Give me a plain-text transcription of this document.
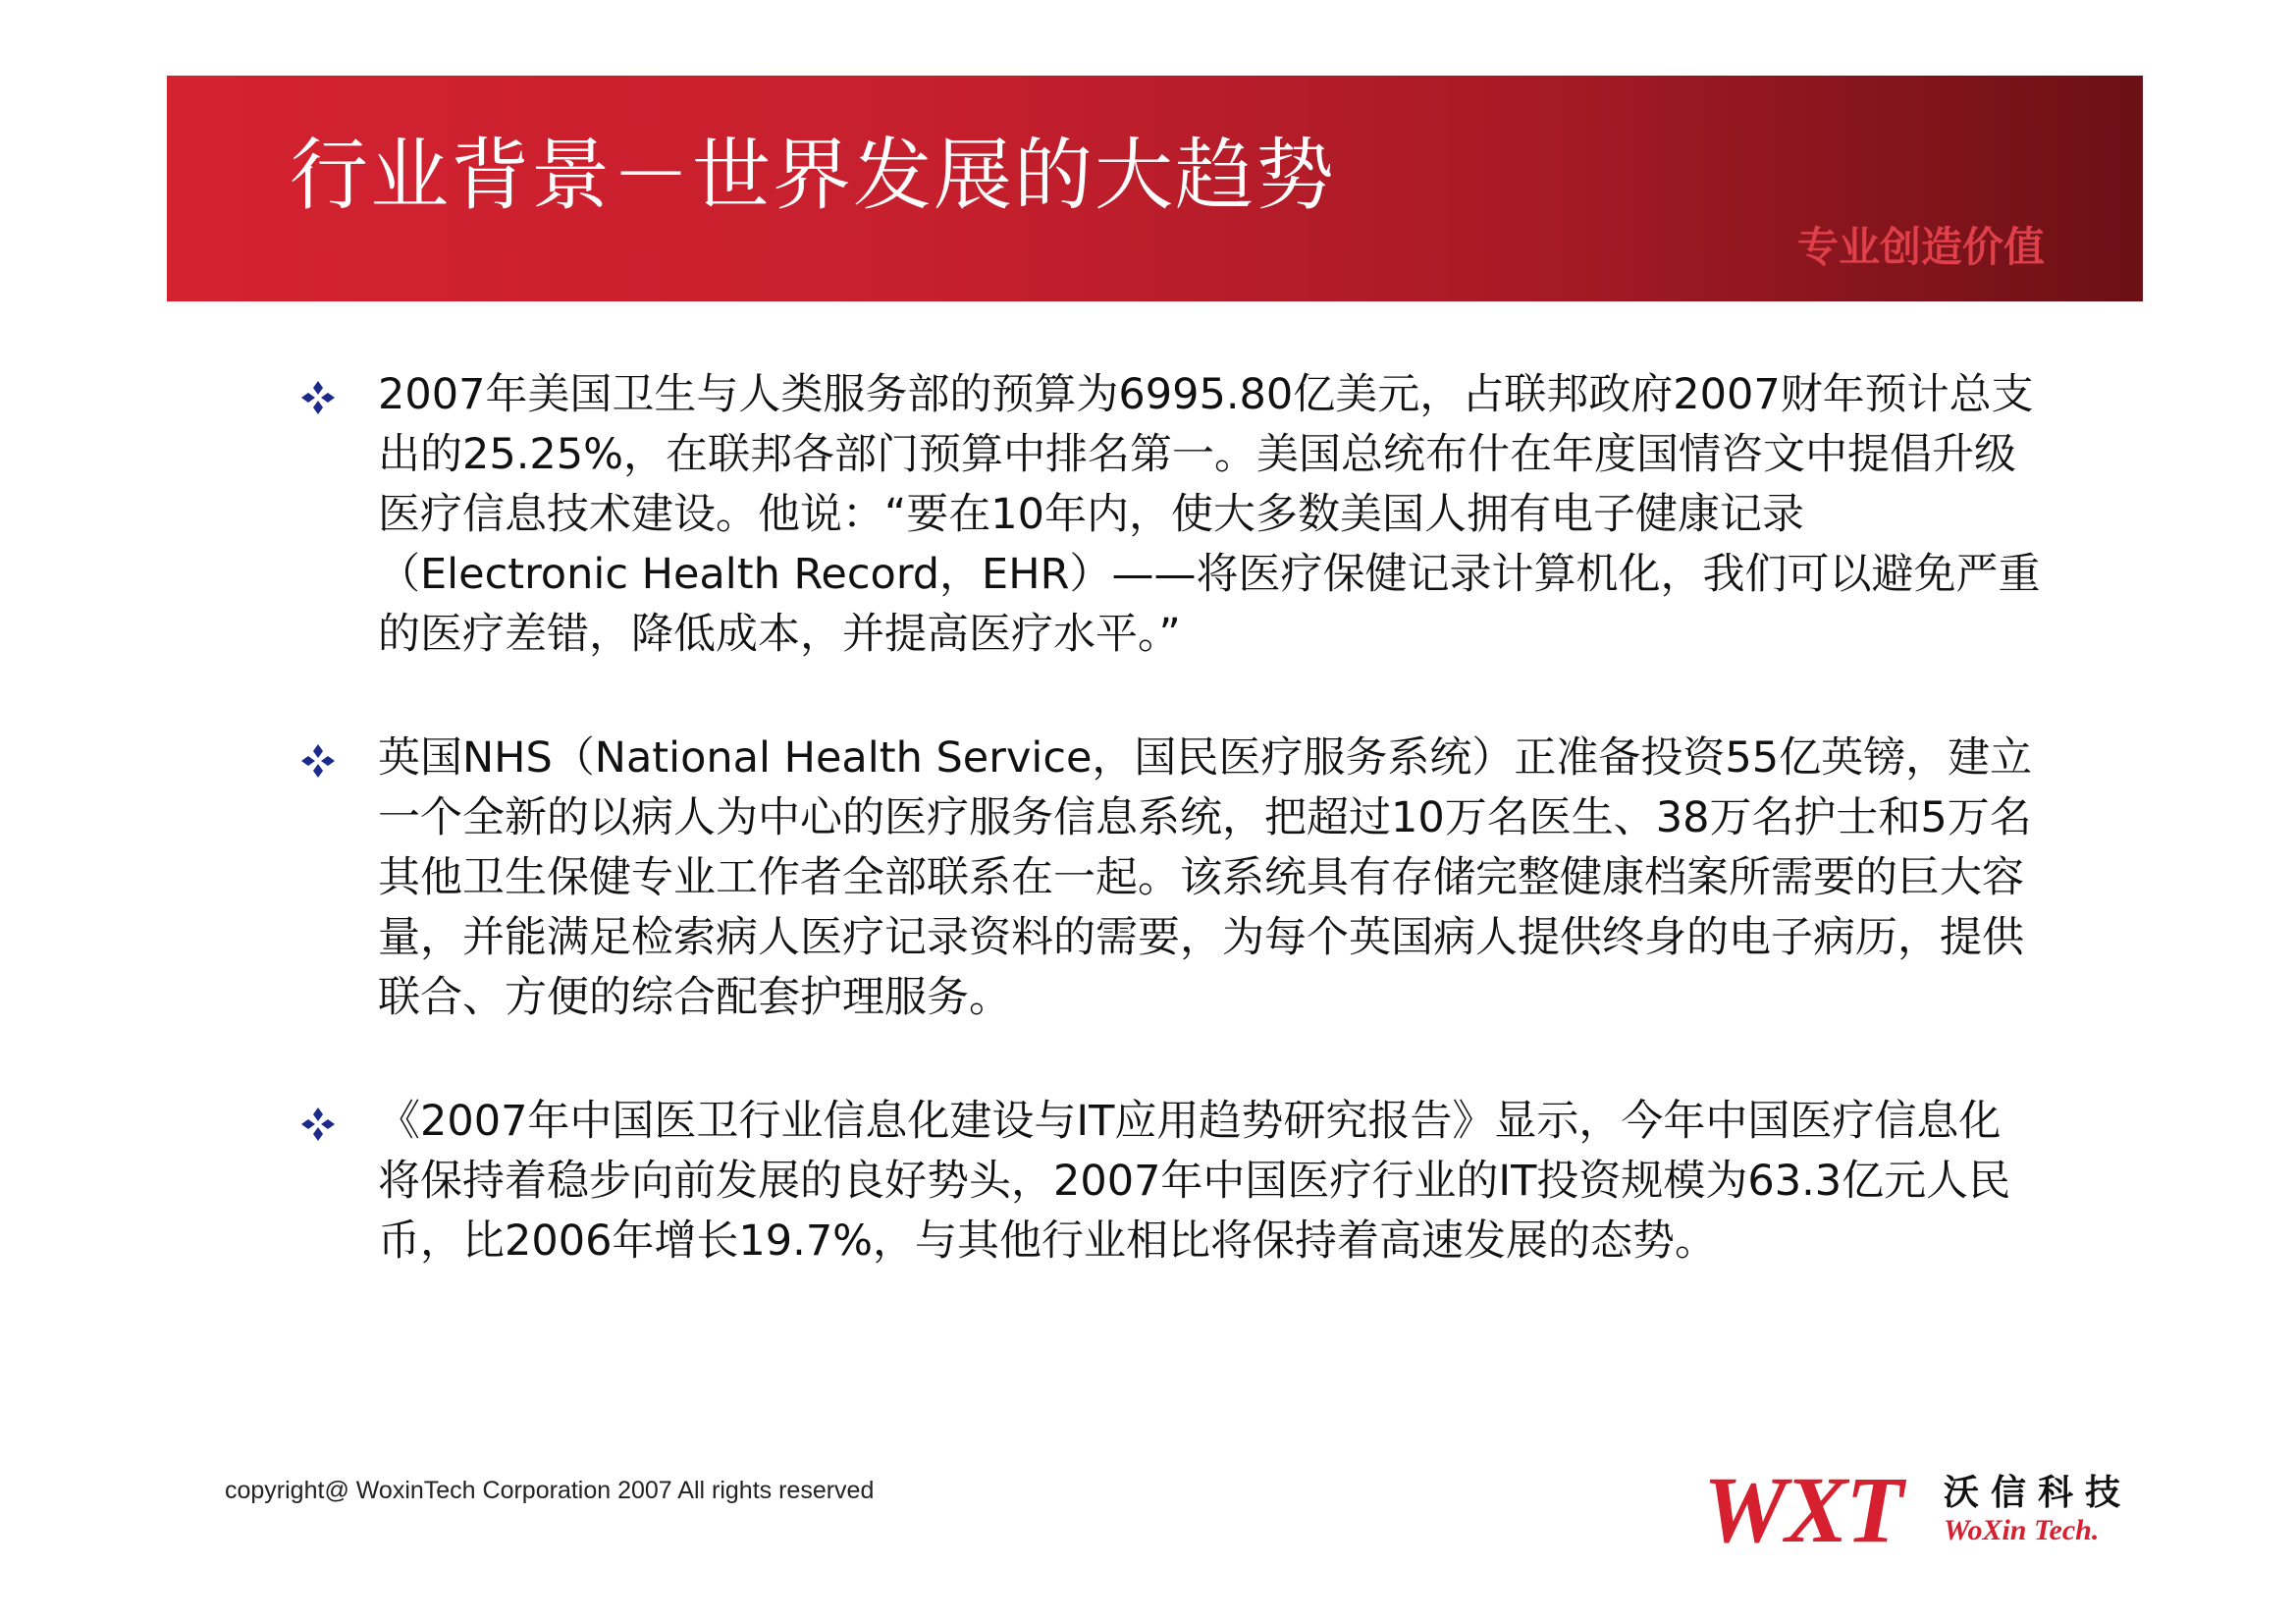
行业背景－世界发展的大趋势
专业创造价值
2007年美国卫生与人类服务部的预算为6995.80亿美元，占联邦政府2007财年预计总支出的25.25%，在联邦各部门预算中排名第一。美国总统布什在年度国情咨文中提倡升级医疗信息技术建设。他说：“要在10年内，使大多数美国人拥有电子健康记录（Electronic Health Record，EHR）——将医疗保健记录计算机化，我们可以避免严重的医疗差错，降低成本，并提高医疗水平。”
英国NHS（National Health Service，国民医疗服务系统）正准备投资55亿英镑，建立一个全新的以病人为中心的医疗服务信息系统，把超过10万名医生、38万名护士和5万名其他卫生保健专业工作者全部联系在一起。该系统具有存储完整健康档案所需要的巨大容量，并能满足检索病人医疗记录资料的需要，为每个英国病人提供终身的电子病历，提供联合、方便的综合配套护理服务。
《2007年中国医卫行业信息化建设与IT应用趋势研究报告》显示，今年中国医疗信息化将保持着稳步向前发展的良好势头，2007年中国医疗行业的IT投资规模为63.3亿元人民币，比2006年增长19.7%，与其他行业相比将保持着高速发展的态势。
copyright@ WoxinTech Corporation 2007 All rights reserved	WXT 沃信科技
WoXin Tech.
